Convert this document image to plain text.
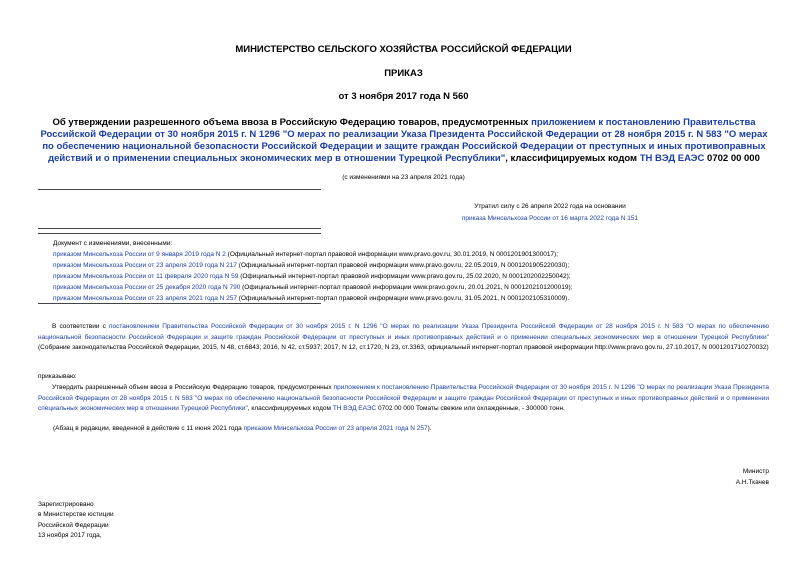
МИНИСТЕРСТВО СЕЛЬСКОГО ХОЗЯЙСТВА РОССИЙСКОЙ ФЕДЕРАЦИИ
ПРИКАЗ
от 3 ноября 2017 года N 560
Об утверждении разрешенного объема ввоза в Российскую Федерацию товаров, предусмотренных приложением к постановлению Правительства Российской Федерации от 30 ноября 2015 г. N 1296 "О мерах по реализации Указа Президента Российской Федерации от 28 ноября 2015 г. N 583 "О мерах по обеспечению национальной безопасности Российской Федерации и защите граждан Российской Федерации от преступных и иных противоправных действий и о применении специальных экономических мер в отношении Турецкой Республики", классифицируемых кодом ТН ВЭД ЕАЭС 0702 00 000
(с изменениями на 23 апреля 2021 года)
Утратил силу с 26 апреля 2022 года на основании
приказа Минсельхоза России от 16 марта 2022 года N 151
Документ с изменениями, внесенными:
приказом Минсельхоза России от 9 января 2019 года N 2 (Официальный интернет-портал правовой информации www.pravo.gov.ru, 30.01.2019, N 0001201901300017);
приказом Минсельхоза России от 23 апреля 2019 года N 217 (Официальный интернет-портал правовой информации www.pravo.gov.ru, 22.05.2019, N 0001201905220030);
приказом Минсельхоза России от 11 февраля 2020 года N 59 (Официальный интернет-портал правовой информации www.pravo.gov.ru, 25.02.2020, N 0001202002250042);
приказом Минсельхоза России от 25 декабря 2020 года N 790 (Официальный интернет-портал правовой информации www.pravo.gov.ru, 20.01.2021, N 0001202101200019);
приказом Минсельхоза России от 23 апреля 2021 года N 257 (Официальный интернет-портал правовой информации www.pravo.gov.ru, 31.05.2021, N 0001202105310009).
В соответствии с постановлением Правительства Российской Федерации от 30 ноября 2015 г. N 1296 "О мерах по реализации Указа Президента Российской Федерации от 28 ноября 2015 г. N 583 "О мерах по обеспечению национальной безопасности Российской Федерации и защите граждан Российской Федерации от преступных и иных противоправных действий и о применении специальных экономических мер в отношении Турецкой Республики" (Собрание законодательства Российской Федерации, 2015, N 48, ст.6843; 2016, N 42, ст.5937; 2017, N 12, ст.1720, N 23, ст.3363, официальный интернет-портал правовой информации http://www.pravo.gov.ru, 27.10.2017, N 0001201710270032)
приказываю:
Утвердить разрешенный объем ввоза в Российскую Федерацию товаров, предусмотренных приложением к постановлению Правительства Российской Федерации от 30 ноября 2015 г. N 1296 "О мерах по реализации Указа Президента Российской Федерации от 28 ноября 2015 г. N 583 "О мерах по обеспечению национальной безопасности Российской Федерации и защите граждан Российской Федерации от преступных и иных противоправных действий и о применении специальных экономических мер в отношении Турецкой Республики", классифицируемых кодом ТН ВЭД ЕАЭС 0702 00 000 Томаты свежие или охлажденные, - 300000 тонн.
(Абзац в редакции, введенной в действие с 11 июня 2021 года приказом Минсельхоза России от 23 апреля 2021 года N 257).
Министр
А.Н.Ткачев
Зарегистрировано
в Министерстве юстиции
Российской Федерации
13 ноября 2017 года,
